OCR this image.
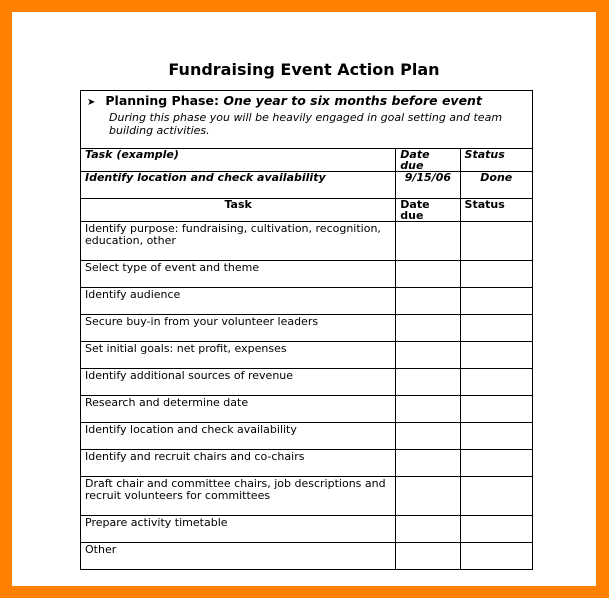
Fundraising Event Action Plan
➤ Planning Phase: One year to six months before event
During this phase you will be heavily engaged in goal setting and team building activities.		

Task (example)	Date due	Status
Identify location and check availability	9/15/06	Done
Task	Date due	Status
Identify purpose: fundraising, cultivation, recognition, education, other		
Select type of event and theme		
Identify audience		
Secure buy-in from your volunteer leaders		
Set initial goals: net profit, expenses		
Identify additional sources of revenue		
Research and determine date		
Identify location and check availability		
Identify and recruit chairs and co-chairs		
Draft chair and committee chairs, job descriptions and recruit volunteers for committees		
Prepare activity timetable		
Other		
